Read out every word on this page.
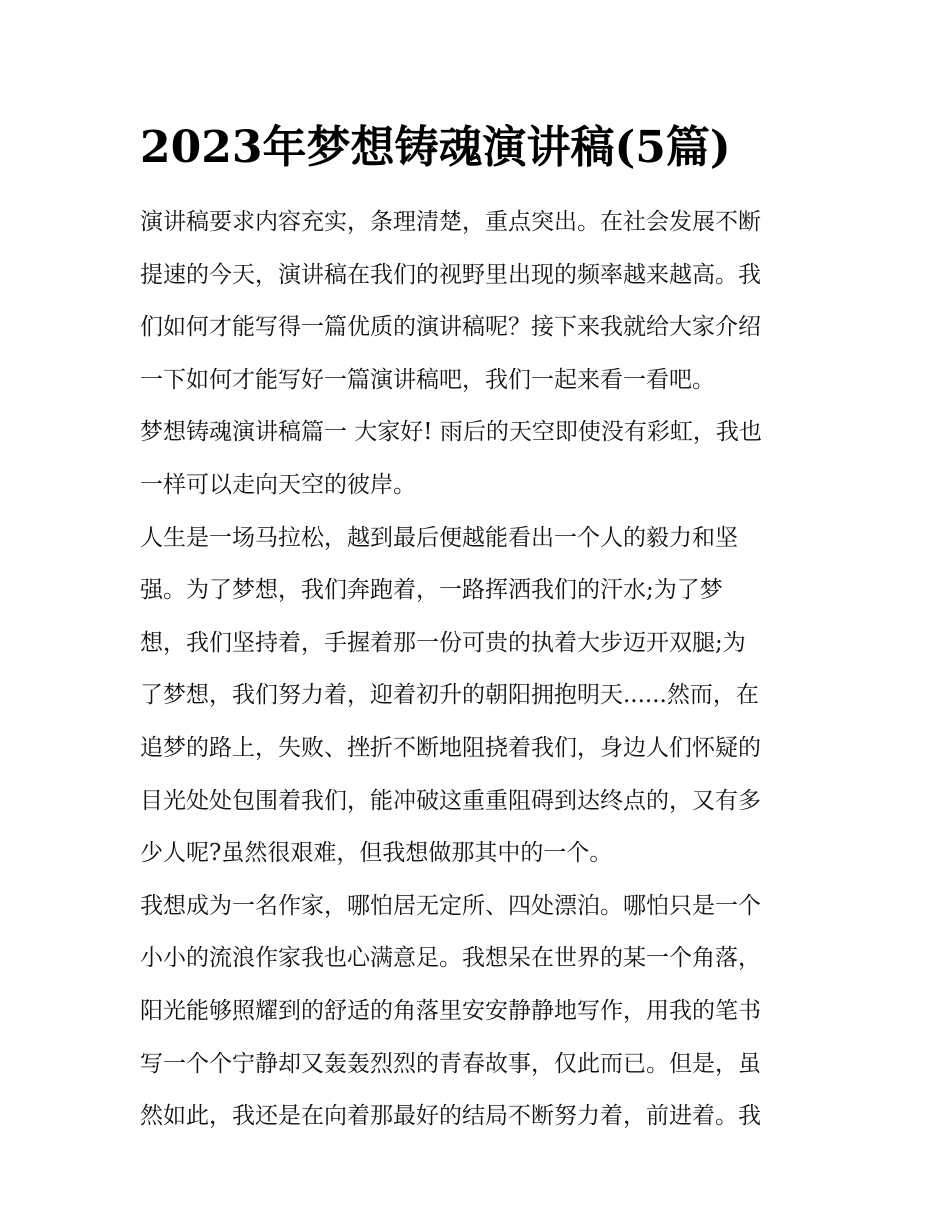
2023年梦想铸魂演讲稿(5篇)
演讲稿要求内容充实，条理清楚，重点突出。在社会发展不断
提速的今天，演讲稿在我们的视野里出现的频率越来越高。我
们如何才能写得一篇优质的演讲稿呢？接下来我就给大家介绍
一下如何才能写好一篇演讲稿吧，我们一起来看一看吧。
梦想铸魂演讲稿篇一 大家好! 雨后的天空即使没有彩虹，我也
一样可以走向天空的彼岸。
人生是一场马拉松，越到最后便越能看出一个人的毅力和坚
强。为了梦想，我们奔跑着，一路挥洒我们的汗水;为了梦
想，我们坚持着，手握着那一份可贵的执着大步迈开双腿;为
了梦想，我们努力着，迎着初升的朝阳拥抱明天......然而，在
追梦的路上，失败、挫折不断地阻挠着我们，身边人们怀疑的
目光处处包围着我们，能冲破这重重阻碍到达终点的，又有多
少人呢?虽然很艰难，但我想做那其中的一个。
我想成为一名作家，哪怕居无定所、四处漂泊。哪怕只是一个
小小的流浪作家我也心满意足。我想呆在世界的某一个角落，
阳光能够照耀到的舒适的角落里安安静静地写作，用我的笔书
写一个个宁静却又轰轰烈烈的青春故事，仅此而已。但是，虽
然如此，我还是在向着那最好的结局不断努力着，前进着。我
